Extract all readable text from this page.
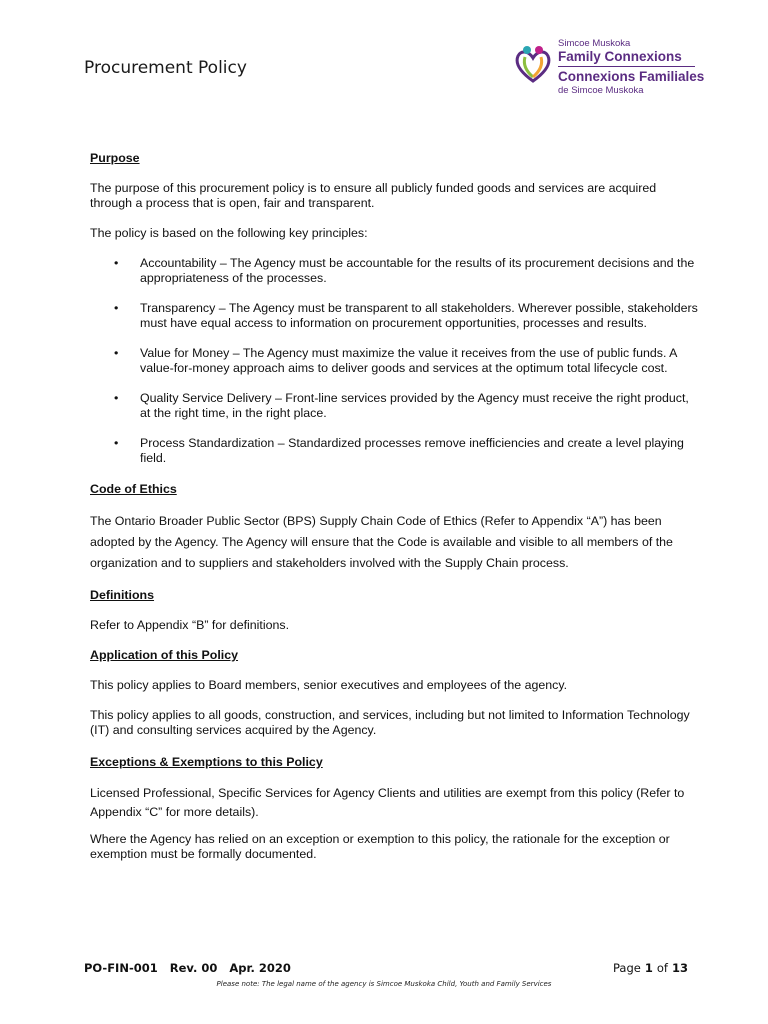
Procurement Policy
Simcoe Muskoka
Family Connexions
Connexions Familiales
de Simcoe Muskoka
Purpose

The purpose of this procurement policy is to ensure all publicly funded goods and services are acquired through a process that is open, fair and transparent.

The policy is based on the following key principles:

• Accountability – The Agency must be accountable for the results of its procurement decisions and the appropriateness of the processes.
• Transparency – The Agency must be transparent to all stakeholders. Wherever possible, stakeholders must have equal access to information on procurement opportunities, processes and results.
• Value for Money – The Agency must maximize the value it receives from the use of public funds. A value-for-money approach aims to deliver goods and services at the optimum total lifecycle cost.
• Quality Service Delivery – Front-line services provided by the Agency must receive the right product, at the right time, in the right place.
• Process Standardization – Standardized processes remove inefficiencies and create a level playing field.
Code of Ethics

The Ontario Broader Public Sector (BPS) Supply Chain Code of Ethics (Refer to Appendix “A”) has been adopted by the Agency. The Agency will ensure that the Code is available and visible to all members of the organization and to suppliers and stakeholders involved with the Supply Chain process.

Definitions

Refer to Appendix “B” for definitions.

Application of this Policy

This policy applies to Board members, senior executives and employees of the agency.

This policy applies to all goods, construction, and services, including but not limited to Information Technology (IT) and consulting services acquired by the Agency.

Exceptions & Exemptions to this Policy

Licensed Professional, Specific Services for Agency Clients and utilities are exempt from this policy (Refer to Appendix “C” for more details).

Where the Agency has relied on an exception or exemption to this policy, the rationale for the exception or exemption must be formally documented.

PO-FIN-001   Rev. 00   Apr. 2020	Page 1 of 13
Please note: The legal name of the agency is Simcoe Muskoka Child, Youth and Family Services
